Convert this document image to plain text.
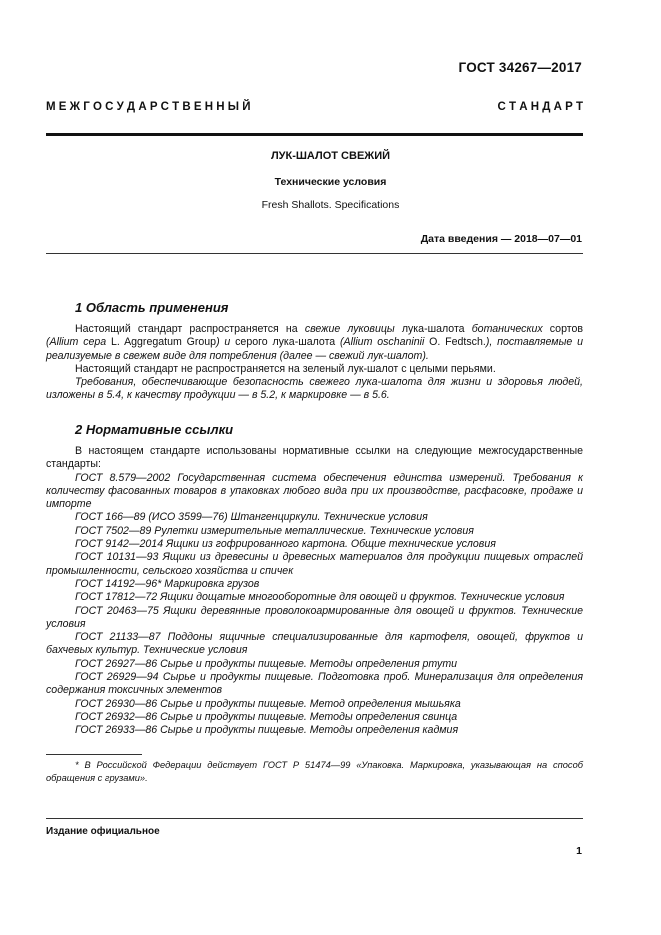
ГОСТ 34267—2017
М Е Ж Г О С У Д А Р С Т В Е Н Н Ы Й	С Т А Н Д А Р Т
ЛУК-ШАЛОТ СВЕЖИЙ
Технические условия
Fresh Shallots. Specifications
Дата введения — 2018—07—01
1 Область применения

Настоящий стандарт распространяется на свежие луковицы лука-шалота ботанических сортов (Allium cepa L. Aggregatum Group) и серого лука-шалота (Allium oschaninii O. Fedtsch.), поставляемые и реализуемые в свежем виде для потребления (далее — свежий лук-шалот).

Настоящий стандарт не распространяется на зеленый лук-шалот с целыми перьями.

Требования, обеспечивающие безопасность свежего лука-шалота для жизни и здоровья людей, изложены в 5.4, к качеству продукции — в 5.2, к маркировке — в 5.6.

2 Нормативные ссылки

В настоящем стандарте использованы нормативные ссылки на следующие межгосударственные стандарты:

ГОСТ 8.579—2002 Государственная система обеспечения единства измерений. Требования к количеству фасованных товаров в упаковках любого вида при их производстве, расфасовке, продаже и импорте

ГОСТ 166—89 (ИСО 3599—76) Штангенциркули. Технические условия

ГОСТ 7502—89 Рулетки измерительные металлические. Технические условия

ГОСТ 9142—2014 Ящики из гофрированного картона. Общие технические условия

ГОСТ 10131—93 Ящики из древесины и древесных материалов для продукции пищевых отраслей промышленности, сельского хозяйства и спичек

ГОСТ 14192—96* Маркировка грузов

ГОСТ 17812—72 Ящики дощатые многооборотные для овощей и фруктов. Технические условия

ГОСТ 20463—75 Ящики деревянные проволокоармированные для овощей и фруктов. Технические условия

ГОСТ 21133—87 Поддоны ящичные специализированные для картофеля, овощей, фруктов и бахчевых культур. Технические условия

ГОСТ 26927—86 Сырье и продукты пищевые. Методы определения ртути

ГОСТ 26929—94 Сырье и продукты пищевые. Подготовка проб. Минерализация для определения содержания токсичных элементов

ГОСТ 26930—86 Сырье и продукты пищевые. Метод определения мышьяка

ГОСТ 26932—86 Сырье и продукты пищевые. Методы определения свинца

ГОСТ 26933—86 Сырье и продукты пищевые. Методы определения кадмия

* В Российской Федерации действует ГОСТ Р 51474—99 «Упаковка. Маркировка, указывающая на способ обращения с грузами».

Издание официальное
1
